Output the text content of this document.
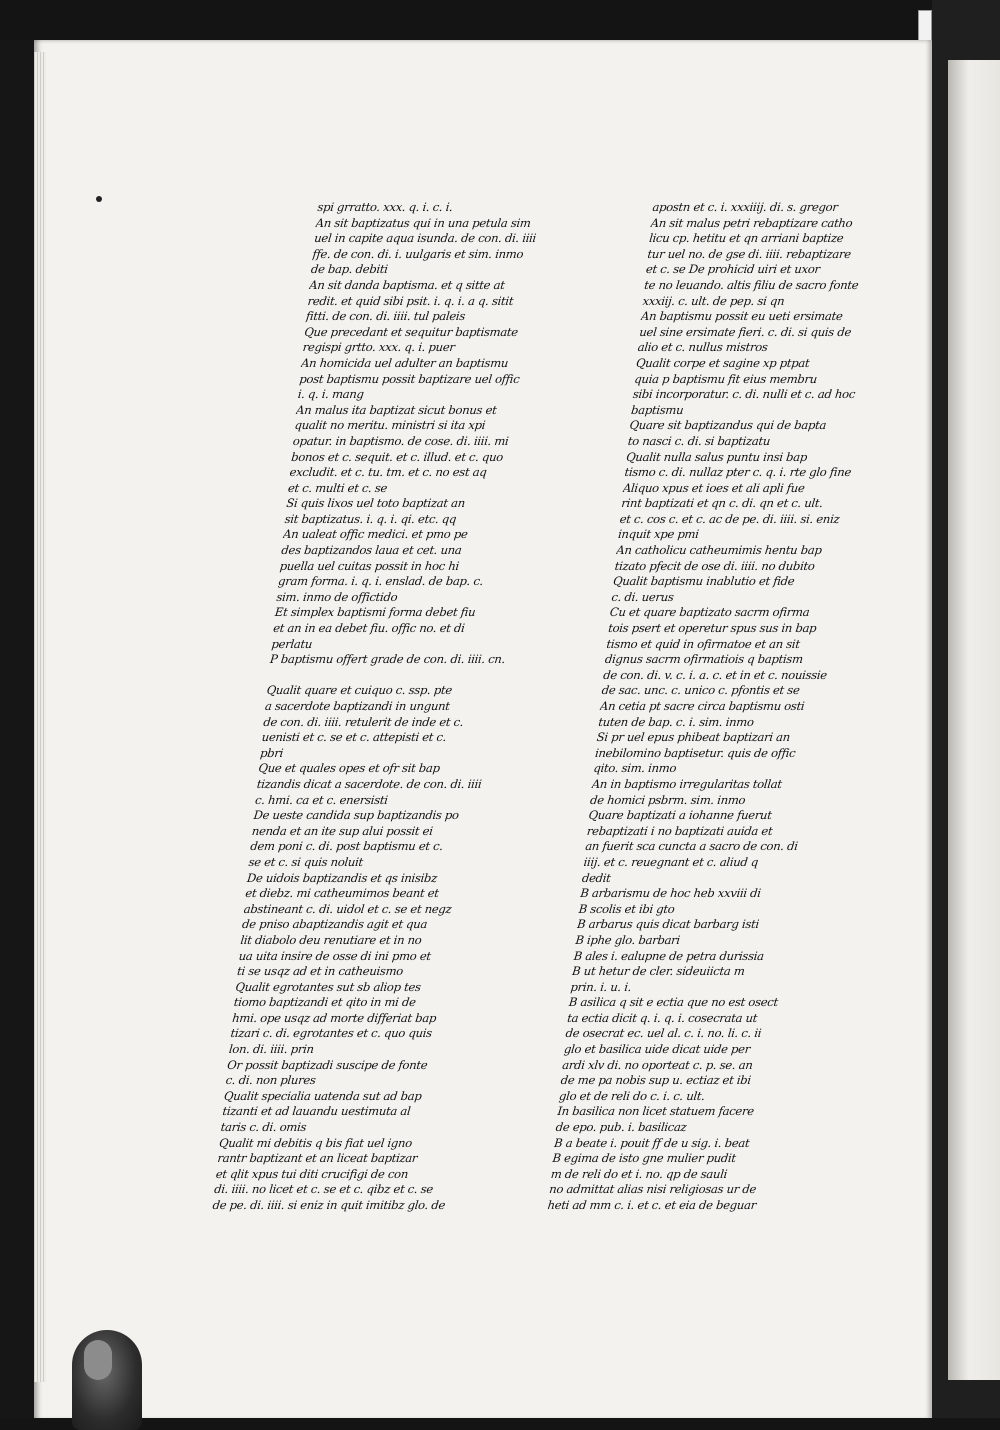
spi grratto. xxx. q. i. c. i.
An sit baptizatus qui in una petula sim
uel in capite aqua isunda. de con. di. iiii
ffe. de con. di. i. uulgaris et sim. inmo
de bap. debiti
An sit danda baptisma. et q sitte at
redit. et quid sibi psit. i. q. i. a q. sitit
fitti. de con. di. iiii. tul paleis
Que precedant et sequitur baptismate
regispi grtto. xxx. q. i. puer
An homicida uel adulter an baptismu
post baptismu possit baptizare uel offic
i. q. i. mang
An malus ita baptizat sicut bonus et
qualit no meritu. ministri si ita xpi
opatur. in baptismo. de cose. di. iiii. mi
bonos et c. sequit. et c. illud. et c. quo
excludit. et c. tu. tm. et c. no est aq
et c. multi et c. se
Si quis lixos uel toto baptizat an
sit baptizatus. i. q. i. qi. etc. qq
An ualeat offic medici. et pmo pe
des baptizandos laua et cet. una
puella uel cuitas possit in hoc hi
gram forma. i. q. i. enslad. de bap. c.
sim. inmo de offictido
Et simplex baptismi forma debet fiu
et an in ea debet fiu. offic no. et di
perlatu
P baptismu offert grade de con. di. iiii. cn.

Qualit quare et cuiquo c. ssp. pte
a sacerdote baptizandi in ungunt
de con. di. iiii. retulerit de inde et c.
uenisti et c. se et c. attepisti et c.
pbri
Que et quales opes et ofr sit bap
tizandis dicat a sacerdote. de con. di. iiii
c. hmi. ca et c. enersisti
De ueste candida sup baptizandis po
nenda et an ite sup alui possit ei
dem poni c. di. post baptismu et c.
se et c. si quis noluit
De uidois baptizandis et qs inisibz
et diebz. mi catheumimos beant et
abstineant c. di. uidol et c. se et negz
de pniso abaptizandis agit et qua
lit diabolo deu renutiare et in no
ua uita insire de osse di ini pmo et
ti se usqz ad et in catheuismo
Qualit egrotantes sut sb aliop tes
tiomo baptizandi et qito in mi de
hmi. ope usqz ad morte differiat bap
tizari c. di. egrotantes et c. quo quis
lon. di. iiii. prin
Or possit baptizadi suscipe de fonte
c. di. non plures
Qualit specialia uatenda sut ad bap
tizanti et ad lauandu uestimuta al
taris c. di. omis
Qualit mi debitis q bis fiat uel igno
rantr baptizant et an liceat baptizar
et qlit xpus tui diti crucifigi de con
di. iiii. no licet et c. se et c. qibz et c. se
de pe. di. iiii. si eniz in quit imitibz glo. de
apostn et c. i. xxxiiij. di. s. gregor
An sit malus petri rebaptizare catho
licu cp. hetitu et qn arriani baptize
tur uel no. de gse di. iiii. rebaptizare
et c. se De prohicid uiri et uxor
te no leuando. altis filiu de sacro fonte
xxxiij. c. ult. de pep. si qn
An baptismu possit eu ueti ersimate
uel sine ersimate fieri. c. di. si quis de
alio et c. nullus mistros
Qualit corpe et sagine xp ptpat
quia p baptismu fit eius membru
sibi incorporatur. c. di. nulli et c. ad hoc
baptismu
Quare sit baptizandus qui de bapta
to nasci c. di. si baptizatu
Qualit nulla salus puntu insi bap
tismo c. di. nullaz pter c. q. i. rte glo fine
Aliquo xpus et ioes et ali apli fue
rint baptizati et qn c. di. qn et c. ult.
et c. cos c. et c. ac de pe. di. iiii. si. eniz
inquit xpe pmi
An catholicu catheumimis hentu bap
tizato pfecit de ose di. iiii. no dubito
Qualit baptismu inablutio et fide
c. di. uerus
Cu et quare baptizato sacrm ofirma
tois psert et operetur spus sus in bap
tismo et quid in ofirmatoe et an sit
dignus sacrm ofirmatiois q baptism
de con. di. v. c. i. a. c. et in et c. nouissie
de sac. unc. c. unico c. pfontis et se
An cetia pt sacre circa baptismu osti
tuten de bap. c. i. sim. inmo
Si pr uel epus phibeat baptizari an
inebilomino baptisetur. quis de offic
qito. sim. inmo
An in baptismo irregularitas tollat
de homici psbrm. sim. inmo
Quare baptizati a iohanne fuerut
rebaptizati i no baptizati auida et
an fuerit sca cuncta a sacro de con. di
iiij. et c. reuegnant et c. aliud q
dedit
B arbarismu de hoc heb xxviii di
B scolis et ibi gto
B arbarus quis dicat barbarg isti
B iphe glo. barbari
B ales i. ealupne de petra durissia
B ut hetur de cler. sideuiicta m
prin. i. u. i.
B asilica q sit e ectia que no est osect
ta ectia dicit q. i. q. i. cosecrata ut
de osecrat ec. uel al. c. i. no. li. c. ii
glo et basilica uide dicat uide per
ardi xlv di. no oporteat c. p. se. an
de me pa nobis sup u. ectiaz et ibi
glo et de reli do c. i. c. ult.
In basilica non licet statuem facere
de epo. pub. i. basilicaz
B a beate i. pouit ff de u sig. i. beat
B egima de isto gne mulier pudit
m de reli do et i. no. qp de sauli
no admittat alias nisi religiosas ur de
heti ad mm c. i. et c. et eia de beguar
